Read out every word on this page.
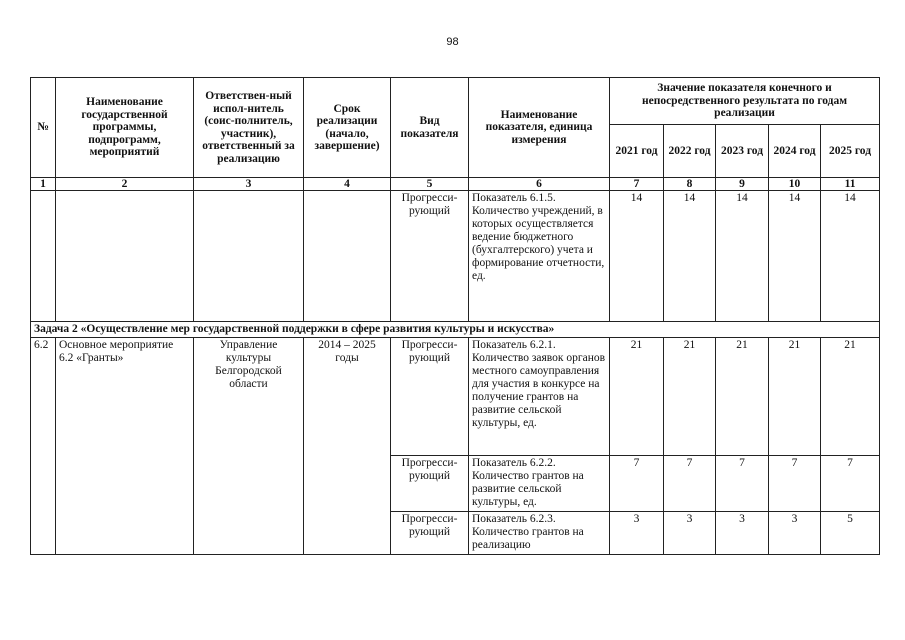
98
№	Наименование государственной программы, подпрограмм, мероприятий	Ответствен-ный испол-нитель (соис-полнитель, участник), ответственный за реализацию	Срок реализации (начало, завершение)	Вид показателя	Наименование показателя, единица измерения	Значение показателя конечного и непосредственного результата по годам реализации				
						2021 год	2022 год	2023 год	2024 год	2025 год
1	2	3	4	5	6	7	8	9	10	11
				Прогресси-рующий	Показатель 6.1.5. Количество учреждений, в которых осуществляется ведение бюджетного (бухгалтерского) учета и формирование отчетности, ед.	14	14	14	14	14
Задача 2 «Осуществление мер государственной поддержки в сфере развития культуры и искусства»										
6.2	Основное мероприятие 6.2 «Гранты»	Управление культуры Белгородской области	2014 – 2025 годы	Прогресси-рующий	Показатель 6.2.1. Количество заявок органов местного самоуправления для участия в конкурсе на получение грантов на развитие сельской культуры, ед.	21	21	21	21	21
				Прогресси-рующий	Показатель 6.2.2. Количество грантов на развитие сельской культуры, ед.	7	7	7	7	7
				Прогресси-рующий	Показатель 6.2.3. Количество грантов на реализацию	3	3	3	3	5
